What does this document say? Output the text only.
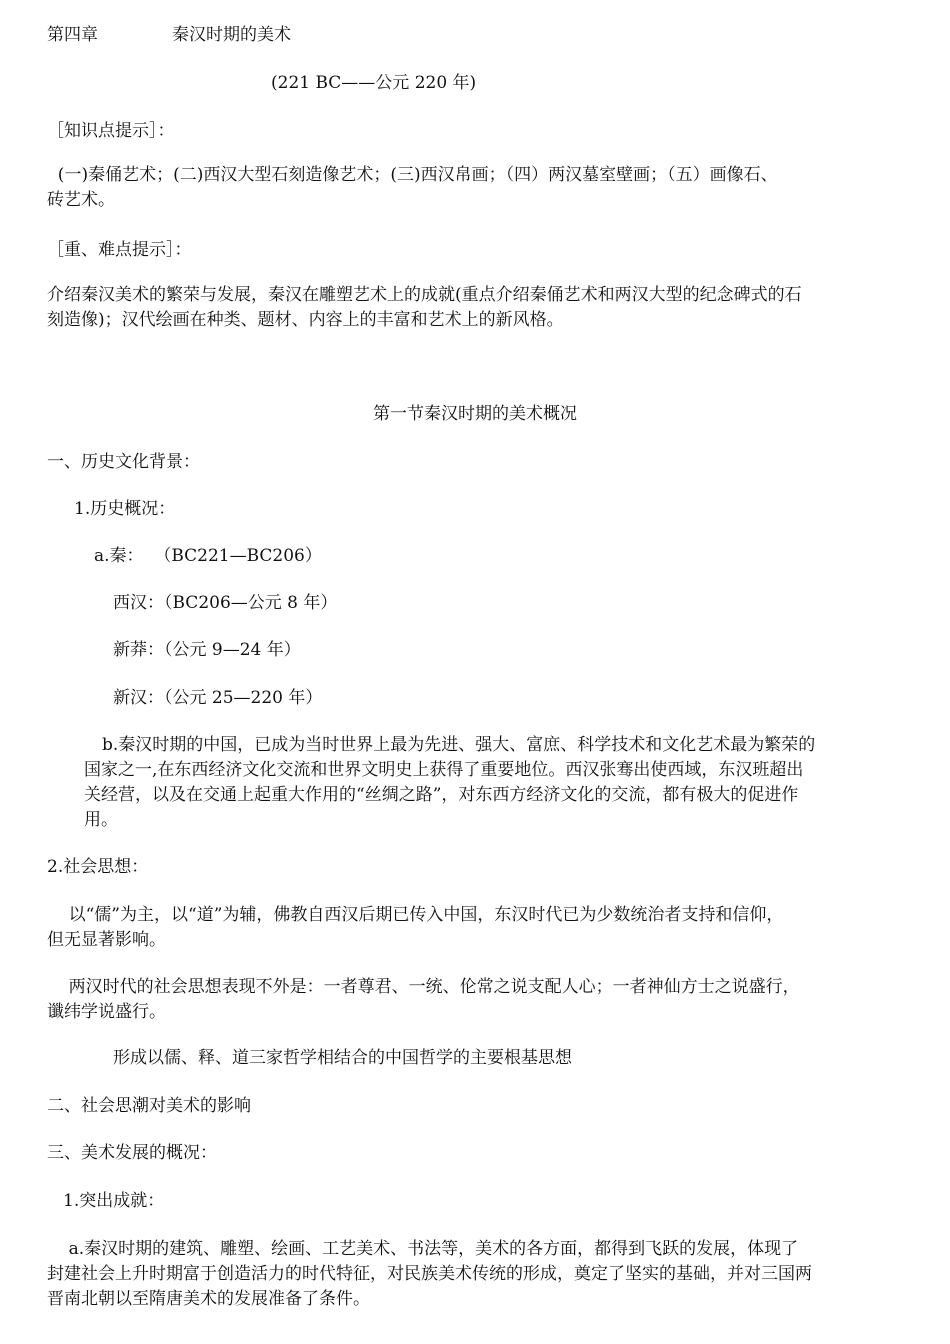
第四章	秦汉时期的美术
(221 BC——公元 220 年)
［知识点提示］：
(一)秦俑艺术；(二)西汉大型石刻造像艺术；(三)西汉帛画；（四）两汉墓室壁画；（五）画像石、
砖艺术。
［重、难点提示］：
介绍秦汉美术的繁荣与发展，秦汉在雕塑艺术上的成就(重点介绍秦俑艺术和两汉大型的纪念碑式的石
刻造像)；汉代绘画在种类、题材、内容上的丰富和艺术上的新风格。
第一节秦汉时期的美术概况
一、历史文化背景：
1.历史概况：
a.秦：  （BC221—BC206）
西汉：（BC206—公元 8 年）
新莽：（公元 9—24 年）
新汉：（公元 25—220 年）
b.秦汉时期的中国，已成为当时世界上最为先进、强大、富庶、科学技术和文化艺术最为繁荣的
国家之一,在东西经济文化交流和世界文明史上获得了重要地位。西汉张骞出使西域，东汉班超出
关经营，以及在交通上起重大作用的“丝绸之路”，对东西方经济文化的交流，都有极大的促进作
用。
2.社会思想：
以“儒”为主，以“道”为辅，佛教自西汉后期已传入中国，东汉时代已为少数统治者支持和信仰，
但无显著影响。
两汉时代的社会思想表现不外是：一者尊君、一统、伦常之说支配人心；一者神仙方士之说盛行，
谶纬学说盛行。
形成以儒、释、道三家哲学相结合的中国哲学的主要根基思想
二、社会思潮对美术的影响
三、美术发展的概况：
1.突出成就：
a.秦汉时期的建筑、雕塑、绘画、工艺美术、书法等，美术的各方面，都得到飞跃的发展，体现了
封建社会上升时期富于创造活力的时代特征，对民族美术传统的形成，奠定了坚实的基础，并对三国两
晋南北朝以至隋唐美术的发展准备了条件。
